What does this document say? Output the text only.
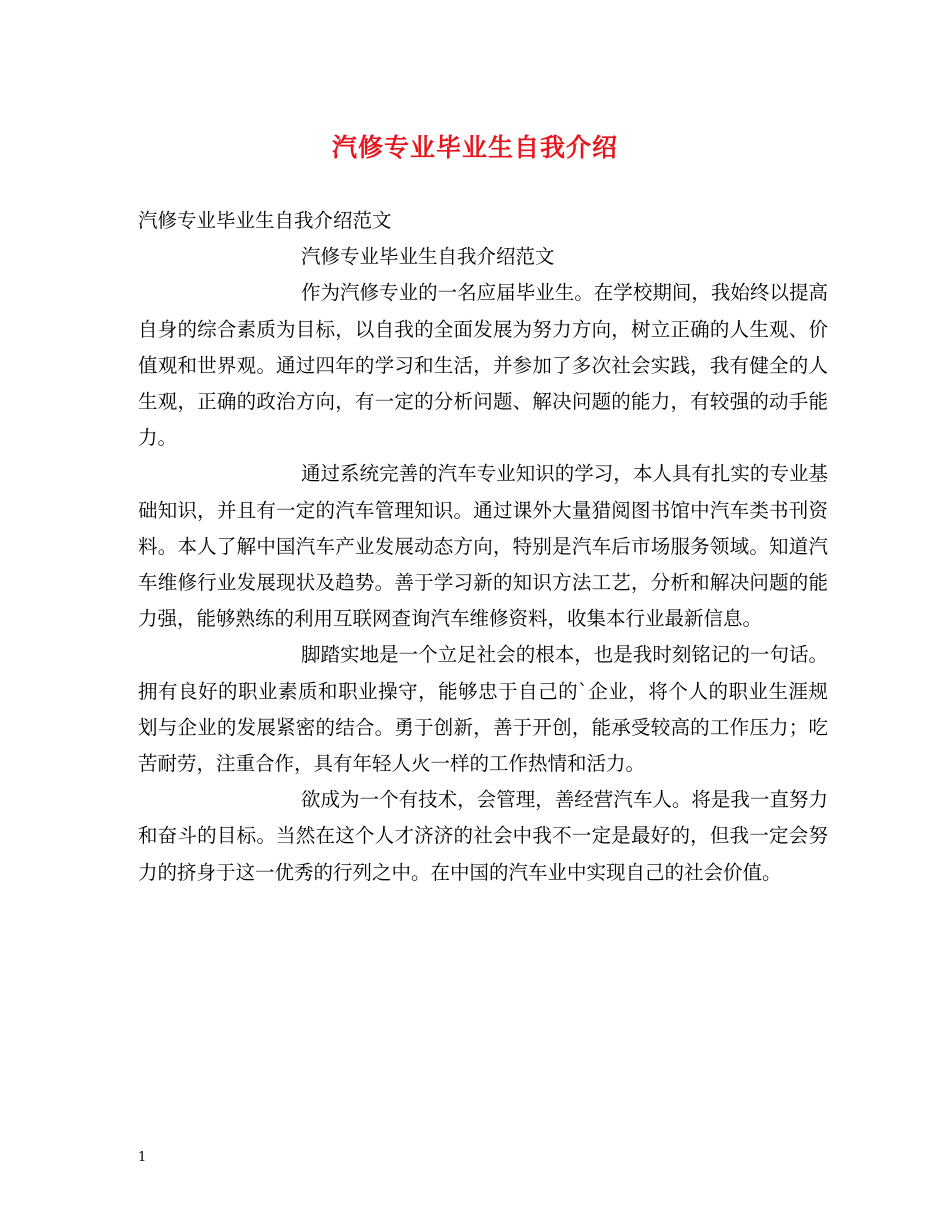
汽修专业毕业生自我介绍

汽修专业毕业生自我介绍范文

汽修专业毕业生自我介绍范文

作为汽修专业的一名应届毕业生。在学校期间，我始终以提高自身的综合素质为目标，以自我的全面发展为努力方向，树立正确的人生观、价值观和世界观。通过四年的学习和生活，并参加了多次社会实践，我有健全的人生观，正确的政治方向，有一定的分析问题、解决问题的能力，有较强的动手能力。

通过系统完善的汽车专业知识的学习，本人具有扎实的专业基础知识，并且有一定的汽车管理知识。通过课外大量猎阅图书馆中汽车类书刊资料。本人了解中国汽车产业发展动态方向，特别是汽车后市场服务领域。知道汽车维修行业发展现状及趋势。善于学习新的知识方法工艺，分析和解决问题的能力强，能够熟练的利用互联网查询汽车维修资料，收集本行业最新信息。

脚踏实地是一个立足社会的根本，也是我时刻铭记的一句话。拥有良好的职业素质和职业操守，能够忠于自己的`企业，将个人的职业生涯规划与企业的发展紧密的结合。勇于创新，善于开创，能承受较高的工作压力；吃苦耐劳，注重合作，具有年轻人火一样的工作热情和活力。

欲成为一个有技术，会管理，善经营汽车人。将是我一直努力和奋斗的目标。当然在这个人才济济的社会中我不一定是最好的，但我一定会努力的挤身于这一优秀的行列之中。在中国的汽车业中实现自己的社会价值。

1
